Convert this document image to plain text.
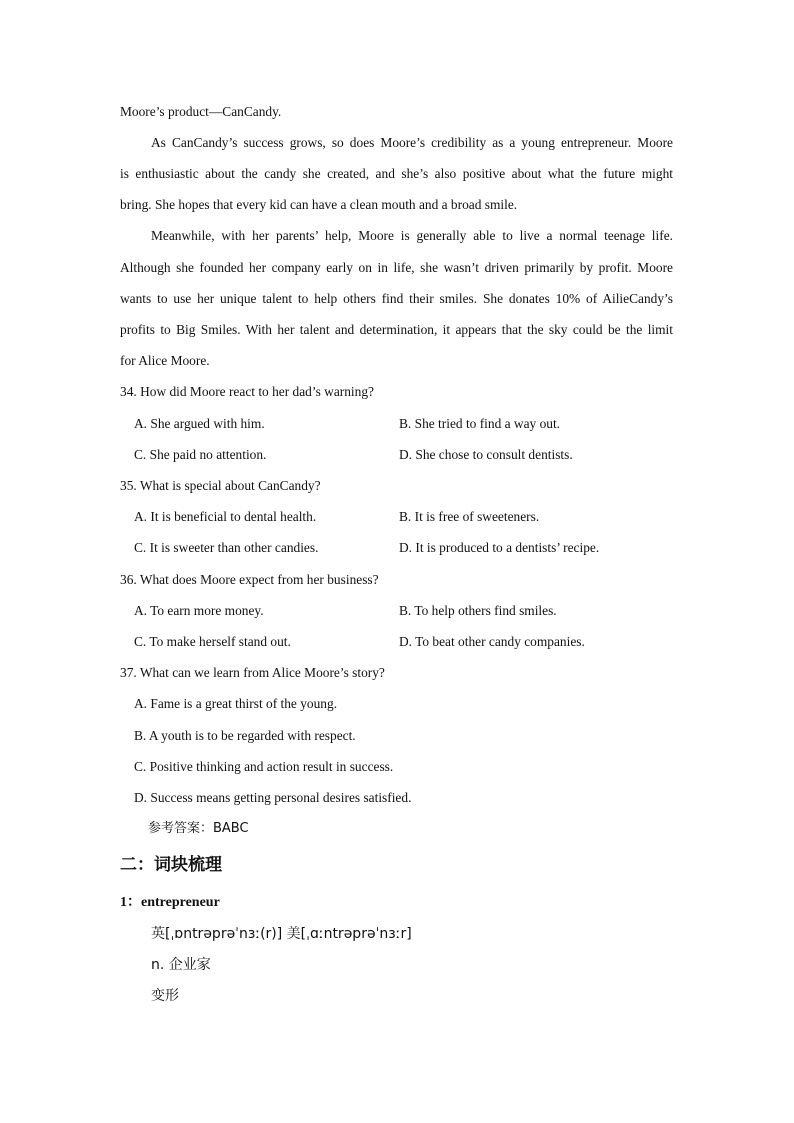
Moore’s product—CanCandy.
As CanCandy’s success grows, so does Moore’s credibility as a young entrepreneur. Moore
is enthusiastic about the candy she created, and she’s also positive about what the future might
bring. She hopes that every kid can have a clean mouth and a broad smile.
Meanwhile, with her parents’ help, Moore is generally able to live a normal teenage life.
Although she founded her company early on in life, she wasn’t driven primarily by profit. Moore
wants to use her unique talent to help others find their smiles. She donates 10% of AilieCandy’s
profits to Big Smiles. With her talent and determination, it appears that the sky could be the limit
for Alice Moore.
34. How did Moore react to her dad’s warning?
A. She argued with him.	B. She tried to find a way out.
C. She paid no attention.	D. She chose to consult dentists.
35. What is special about CanCandy?
A. It is beneficial to dental health.	B. It is free of sweeteners.
C. It is sweeter than other candies.	D. It is produced to a dentists’ recipe.
36. What does Moore expect from her business?
A. To earn more money.	B. To help others find smiles.
C. To make herself stand out.	D. To beat other candy companies.
37. What can we learn from Alice Moore’s story?
A. Fame is a great thirst of the young.
B. A youth is to be regarded with respect.
C. Positive thinking and action result in success.
D. Success means getting personal desires satisfied.
参考答案：BABC
二：词块梳理
1：entrepreneur
英[ˌɒntrəprəˈnɜː(r)] 美[ˌɑːntrəprəˈnɜːr]
n. 企业家
变形
